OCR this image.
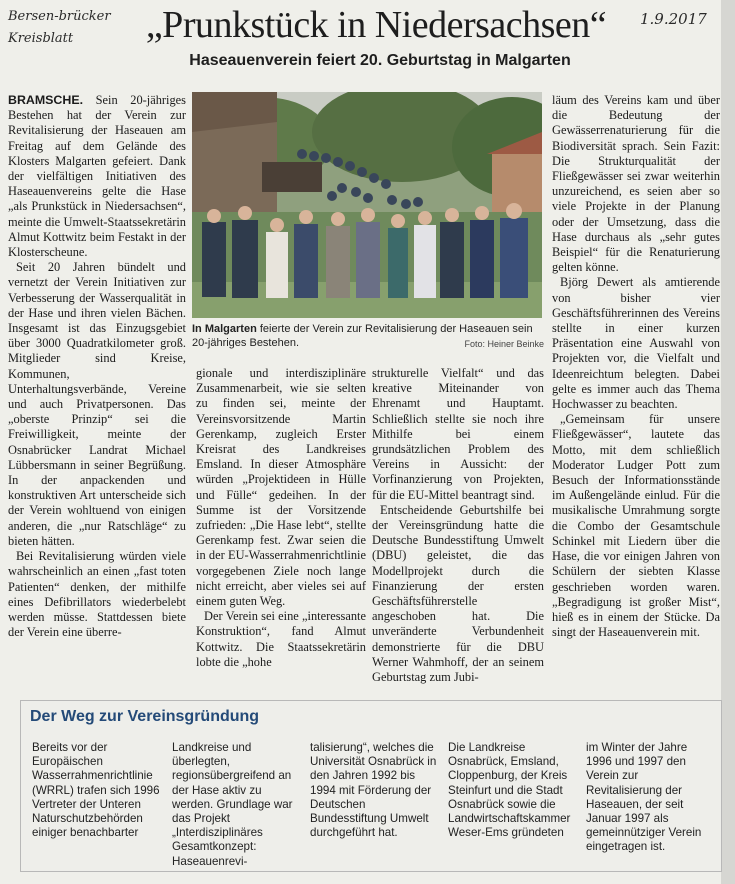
Bersen-brücker Kreisblatt
1.9.2017
„Prunkstück in Niedersachsen“
Haseauenverein feiert 20. Geburtstag in Malgarten

BRAMSCHE. Sein 20-jähriges Bestehen hat der Verein zur Revitalisierung der Haseauen am Freitag auf dem Gelände des Klosters Malgarten gefeiert. Dank der vielfältigen Initiativen des Haseauenvereins gelte die Hase „als Prunkstück in Niedersachsen“, meinte die Umwelt-Staatssekretärin Almut Kottwitz beim Festakt in der Klosterscheune.

Seit 20 Jahren bündelt und vernetzt der Verein Initiativen zur Verbesserung der Wasserqualität in der Hase und ihren vielen Bächen. Insgesamt ist das Einzugsgebiet über 3000 Quadratkilometer groß. Mitglieder sind Kreise, Kommunen, Unterhaltungsverbände, Vereine und auch Privatpersonen. Das „oberste Prinzip“ sei die Freiwilligkeit, meinte der Osnabrücker Landrat Michael Lübbersmann in seiner Begrüßung. In der anpackenden und konstruktiven Art unterscheide sich der Verein wohltuend von einigen anderen, die „nur Ratschläge“ zu bieten hätten.

Bei Revitalisierung würden viele wahrscheinlich an einen „fast toten Patienten“ denken, der mithilfe eines Defibrillators wiederbelebt werden müsse. Stattdessen biete der Verein eine überre-

In Malgarten feierte der Verein zur Revitalisierung der Haseauen sein 20-jähriges Bestehen.	Foto: Heiner Beinke

gionale und interdisziplinäre Zusammenarbeit, wie sie selten zu finden sei, meinte der Vereinsvorsitzende Martin Gerenkamp, zugleich Erster Kreisrat des Landkreises Emsland. In dieser Atmosphäre würden „Projektideen in Hülle und Fülle“ gedeihen. In der Summe ist der Vorsitzende zufrieden: „Die Hase lebt“, stellte Gerenkamp fest. Zwar seien die in der EU-Wasserrahmenrichtlinie vorgegebenen Ziele noch lange nicht erreicht, aber vieles sei auf einem guten Weg.

Der Verein sei eine „interessante Konstruktion“, fand Almut Kottwitz. Die Staatssekretärin lobte die „hohe

strukturelle Vielfalt“ und das kreative Miteinander von Ehrenamt und Hauptamt. Schließlich stellte sie noch ihre Mithilfe bei einem grundsätzlichen Problem des Vereins in Aussicht: der Vorfinanzierung von Projekten, für die EU-Mittel beantragt sind.

Entscheidende Geburtshilfe bei der Vereinsgründung hatte die Deutsche Bundesstiftung Umwelt (DBU) geleistet, die das Modellprojekt durch die Finanzierung der ersten Geschäftsführerstelle angeschoben hat. Die unveränderte Verbundenheit demonstrierte für die DBU Werner Wahmhoff, der an seinem Geburtstag zum Jubi-

läum des Vereins kam und über die Bedeutung der Gewässerrenaturierung für die Biodiversität sprach. Sein Fazit: Die Strukturqualität der Fließgewässer sei zwar weiterhin unzureichend, es seien aber so viele Projekte in der Planung oder der Umsetzung, dass die Hase durchaus als „sehr gutes Beispiel“ für die Renaturierung gelten könne.

Björg Dewert als amtierende von bisher vier Geschäftsführerinnen des Vereins stellte in einer kurzen Präsentation eine Auswahl von Projekten vor, die Vielfalt und Ideenreichtum belegten. Dabei gelte es immer auch das Thema Hochwasser zu beachten.

„Gemeinsam für unsere Fließgewässer“, lautete das Motto, mit dem schließlich Moderator Ludger Pott zum Besuch der Informationsstände im Außengelände einlud. Für die musikalische Umrahmung sorgte die Combo der Gesamtschule Schinkel mit Liedern über die Hase, die vor einigen Jahren von Schülern der siebten Klasse geschrieben worden waren. „Begradigung ist großer Mist“, hieß es in einem der Stücke. Da singt der Haseauenverein mit.

Der Weg zur Vereinsgründung
Bereits vor der Europäischen Wasserrahmenrichtlinie (WRRL) trafen sich 1996 Vertreter der Unteren Naturschutzbehörden einiger benachbarter
Landkreise und überlegten, regionsübergreifend an der Hase aktiv zu werden. Grundlage war das Projekt „Interdisziplinäres Gesamtkonzept: Haseauenrevi-
talisierung“, welches die Universität Osnabrück in den Jahren 1992 bis 1994 mit Förderung der Deutschen Bundesstiftung Umwelt durchgeführt hat.
Die Landkreise Osnabrück, Emsland, Cloppenburg, der Kreis Steinfurt und die Stadt Osnabrück sowie die Landwirtschaftskammer Weser-Ems gründeten
im Winter der Jahre 1996 und 1997 den Verein zur Revitalisierung der Haseauen, der seit Januar 1997 als gemeinnütziger Verein eingetragen ist.
